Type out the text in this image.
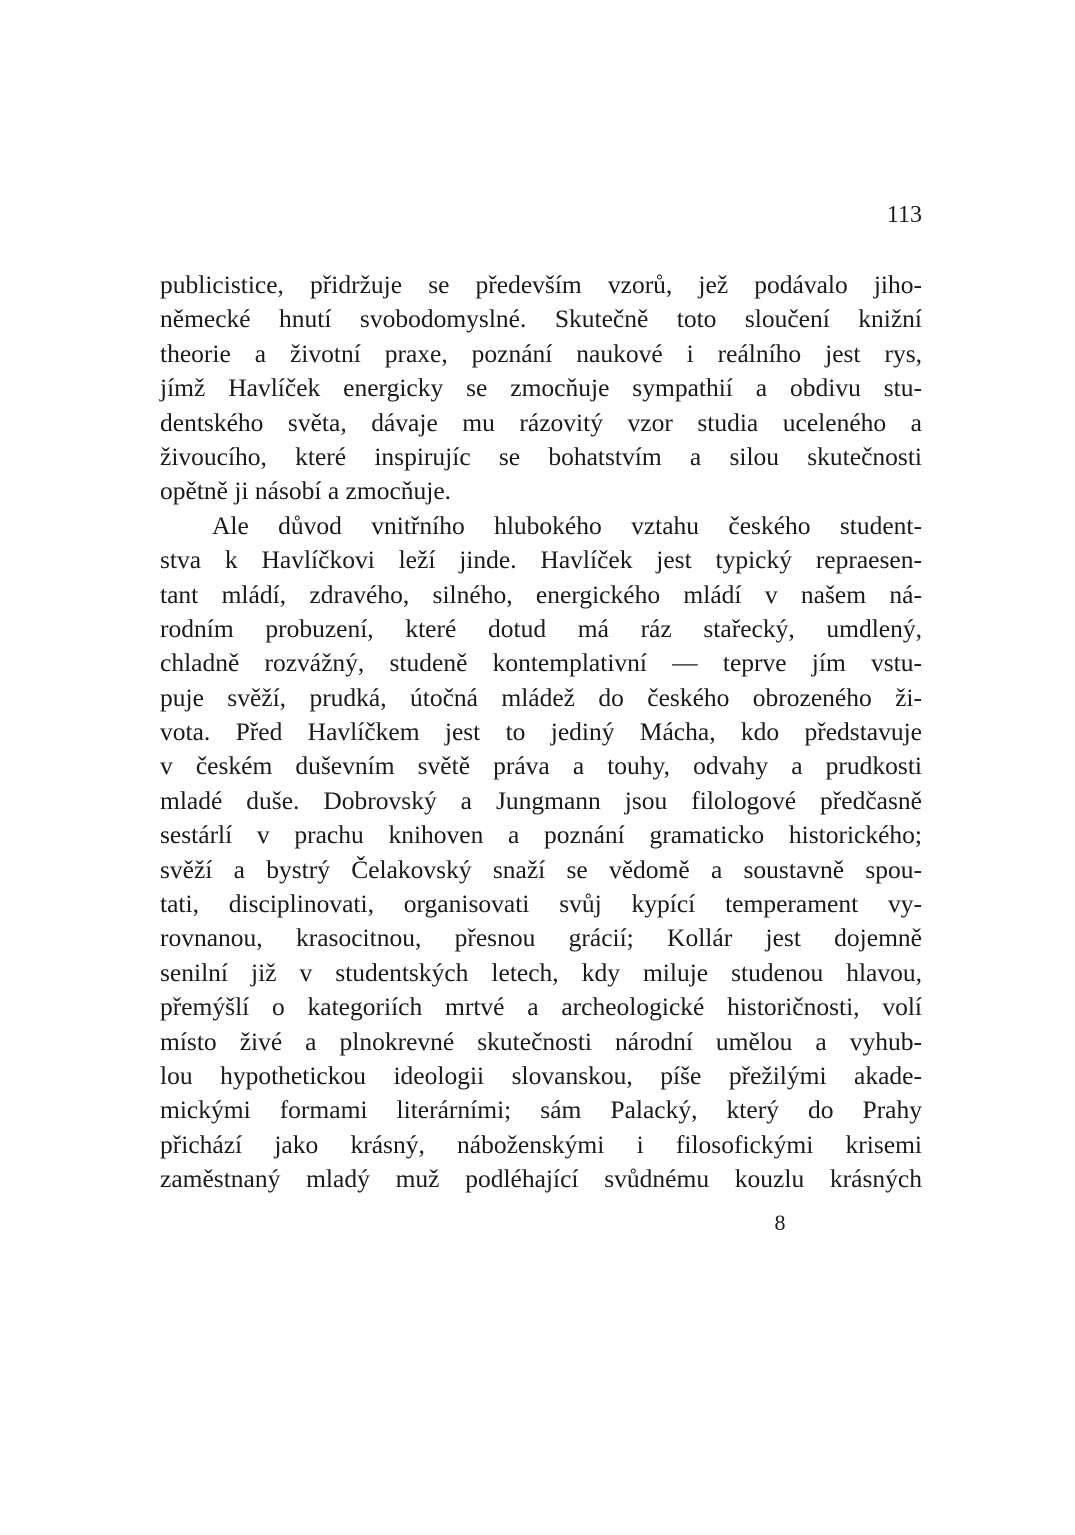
113
publicistice, přidržuje se především vzorů, jež podávalo jiho-
německé hnutí svobodomyslné. Skutečně toto sloučení knižní
theorie a životní praxe, poznání naukové i reálního jest rys,
jímž Havlíček energicky se zmocňuje sympathií a obdivu stu-
dentského světa, dávaje mu rázovitý vzor studia uceleného a
živoucího, které inspirujíc se bohatstvím a silou skutečnosti
opětně ji násobí a zmocňuje.
Ale důvod vnitřního hlubokého vztahu českého student-
stva k Havlíčkovi leží jinde. Havlíček jest typický repraesen-
tant mládí, zdravého, silného, energického mládí v našem ná-
rodním probuzení, které dotud má ráz stařecký, umdlený,
chladně rozvážný, studeně kontemplativní — teprve jím vstu-
puje svěží, prudká, útočná mládež do českého obrozeného ži-
vota. Před Havlíčkem jest to jediný Mácha, kdo představuje
v českém duševním světě práva a touhy, odvahy a prudkosti
mladé duše. Dobrovský a Jungmann jsou filologové předčasně
sestárlí v prachu knihoven a poznání gramaticko historického;
svěží a bystrý Čelakovský snaží se vědomě a soustavně spou-
tati, disciplinovati, organisovati svůj kypící temperament vy-
rovnanou, krasocitnou, přesnou grácií; Kollár jest dojemně
senilní již v studentských letech, kdy miluje studenou hlavou,
přemýšlí o kategoriích mrtvé a archeologické historičnosti, volí
místo živé a plnokrevné skutečnosti národní umělou a vyhub-
lou hypothetickou ideologii slovanskou, píše přežilými akade-
mickými formami literárními; sám Palacký, který do Prahy
přichází jako krásný, náboženskými i filosofickými krisemi
zaměstnaný mladý muž podléhající svůdnému kouzlu krásných
8
